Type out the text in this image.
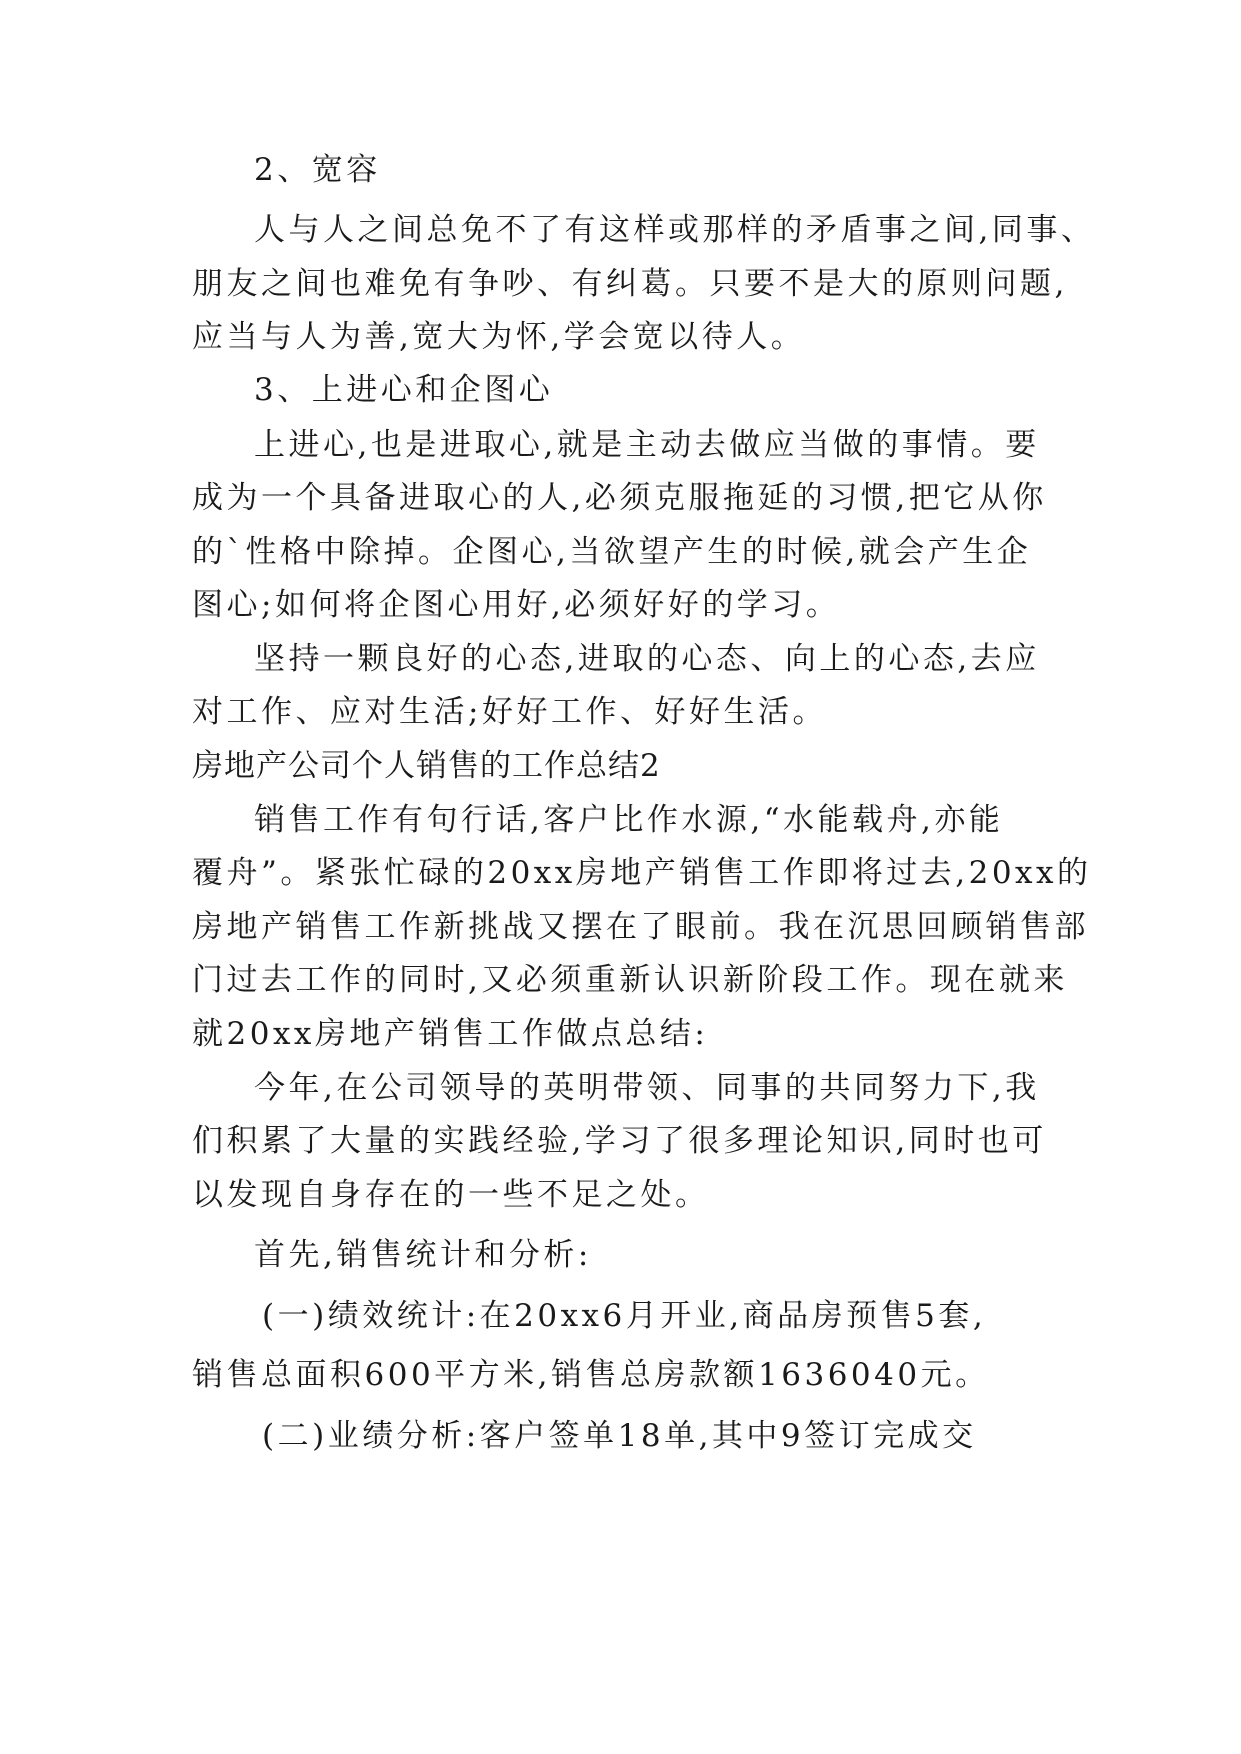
2、宽容
人与人之间总免不了有这样或那样的矛盾事之间,同事、
朋友之间也难免有争吵、有纠葛。只要不是大的原则问题,
应当与人为善,宽大为怀,学会宽以待人。
3、上进心和企图心
上进心,也是进取心,就是主动去做应当做的事情。要
成为一个具备进取心的人,必须克服拖延的习惯,把它从你
的`性格中除掉。企图心,当欲望产生的时候,就会产生企
图心;如何将企图心用好,必须好好的学习。
坚持一颗良好的心态,进取的心态、向上的心态,去应
对工作、应对生活;好好工作、好好生活。
房地产公司个人销售的工作总结2
销售工作有句行话,客户比作水源,“水能载舟,亦能
覆舟”。紧张忙碌的20xx房地产销售工作即将过去,20xx的
房地产销售工作新挑战又摆在了眼前。我在沉思回顾销售部
门过去工作的同时,又必须重新认识新阶段工作。现在就来
就20xx房地产销售工作做点总结:
今年,在公司领导的英明带领、同事的共同努力下,我
们积累了大量的实践经验,学习了很多理论知识,同时也可
以发现自身存在的一些不足之处。
首先,销售统计和分析:
(一)绩效统计:在20xx6月开业,商品房预售5套,
销售总面积600平方米,销售总房款额1636040元。
(二)业绩分析:客户签单18单,其中9签订完成交
